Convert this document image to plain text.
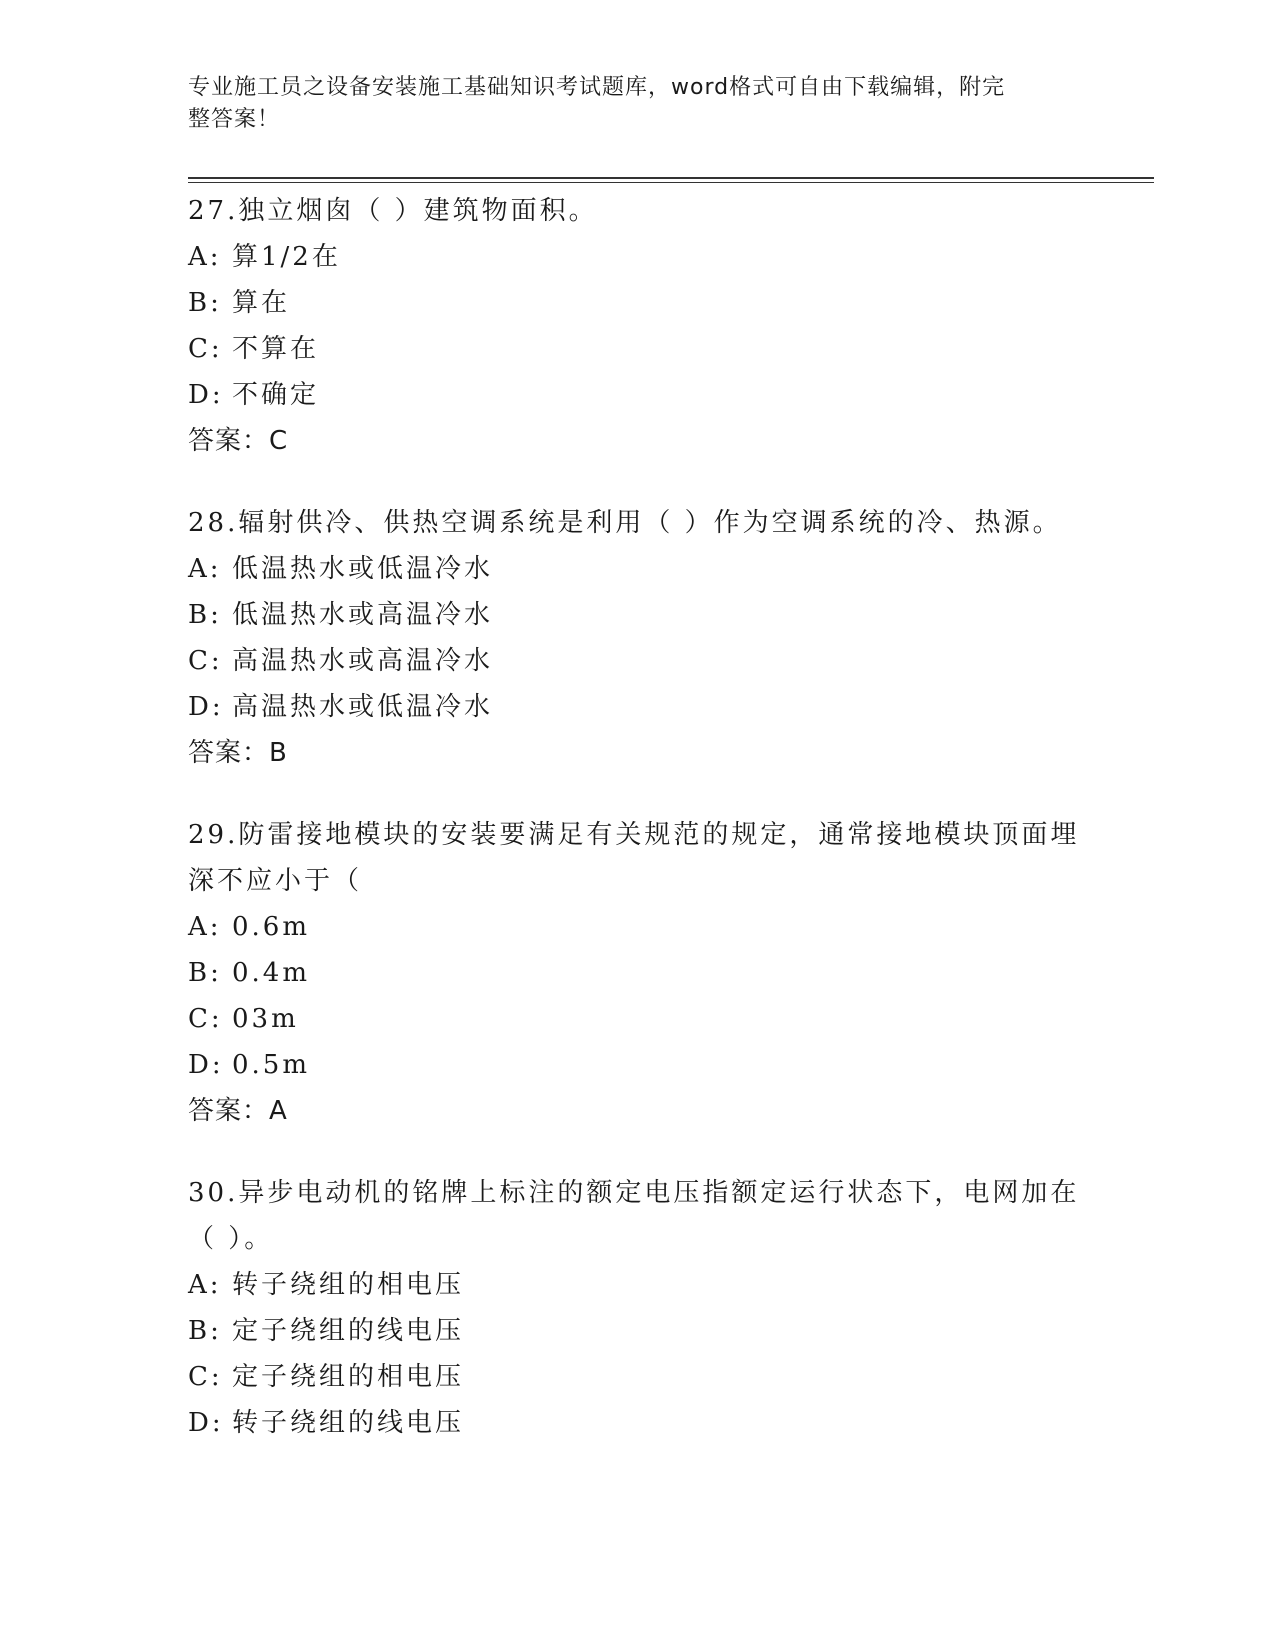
专业施工员之设备安装施工基础知识考试题库，word格式可自由下载编辑，附完
整答案！

27.独立烟囱（ ）建筑物面积。

A: 算1/2在

B: 算在

C: 不算在

D: 不确定

答案：C

28.辐射供冷、供热空调系统是利用（ ）作为空调系统的冷、热源。

A: 低温热水或低温冷水

B: 低温热水或高温冷水

C: 高温热水或高温冷水

D: 高温热水或低温冷水

答案：B

29.防雷接地模块的安装要满足有关规范的规定，通常接地模块顶面埋深不应小于（

A: 0.6m

B: 0.4m

C: 03m

D: 0.5m

答案：A

30.异步电动机的铭牌上标注的额定电压指额定运行状态下，电网加在（ ）。

A: 转子绕组的相电压

B: 定子绕组的线电压

C: 定子绕组的相电压

D: 转子绕组的线电压
